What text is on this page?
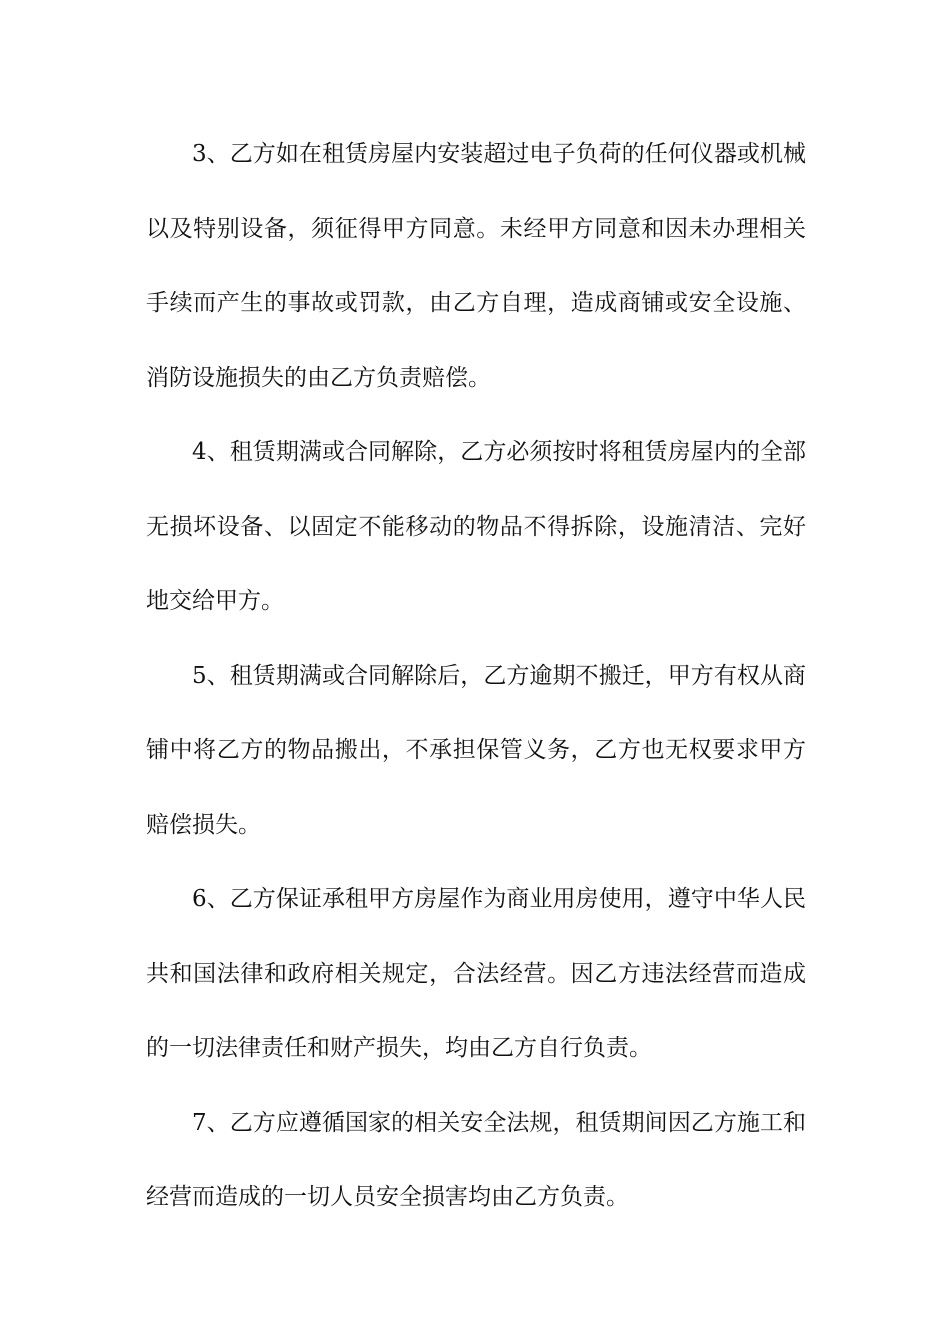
3、乙方如在租赁房屋内安装超过电子负荷的任何仪器或机械以及特别设备，须征得甲方同意。未经甲方同意和因未办理相关手续而产生的事故或罚款，由乙方自理，造成商铺或安全设施、消防设施损失的由乙方负责赔偿。

4、租赁期满或合同解除，乙方必须按时将租赁房屋内的全部无损坏设备、以固定不能移动的物品不得拆除，设施清洁、完好地交给甲方。

5、租赁期满或合同解除后，乙方逾期不搬迁，甲方有权从商铺中将乙方的物品搬出，不承担保管义务，乙方也无权要求甲方赔偿损失。

6、乙方保证承租甲方房屋作为商业用房使用，遵守中华人民共和国法律和政府相关规定，合法经营。因乙方违法经营而造成的一切法律责任和财产损失，均由乙方自行负责。

7、乙方应遵循国家的相关安全法规，租赁期间因乙方施工和经营而造成的一切人员安全损害均由乙方负责。
